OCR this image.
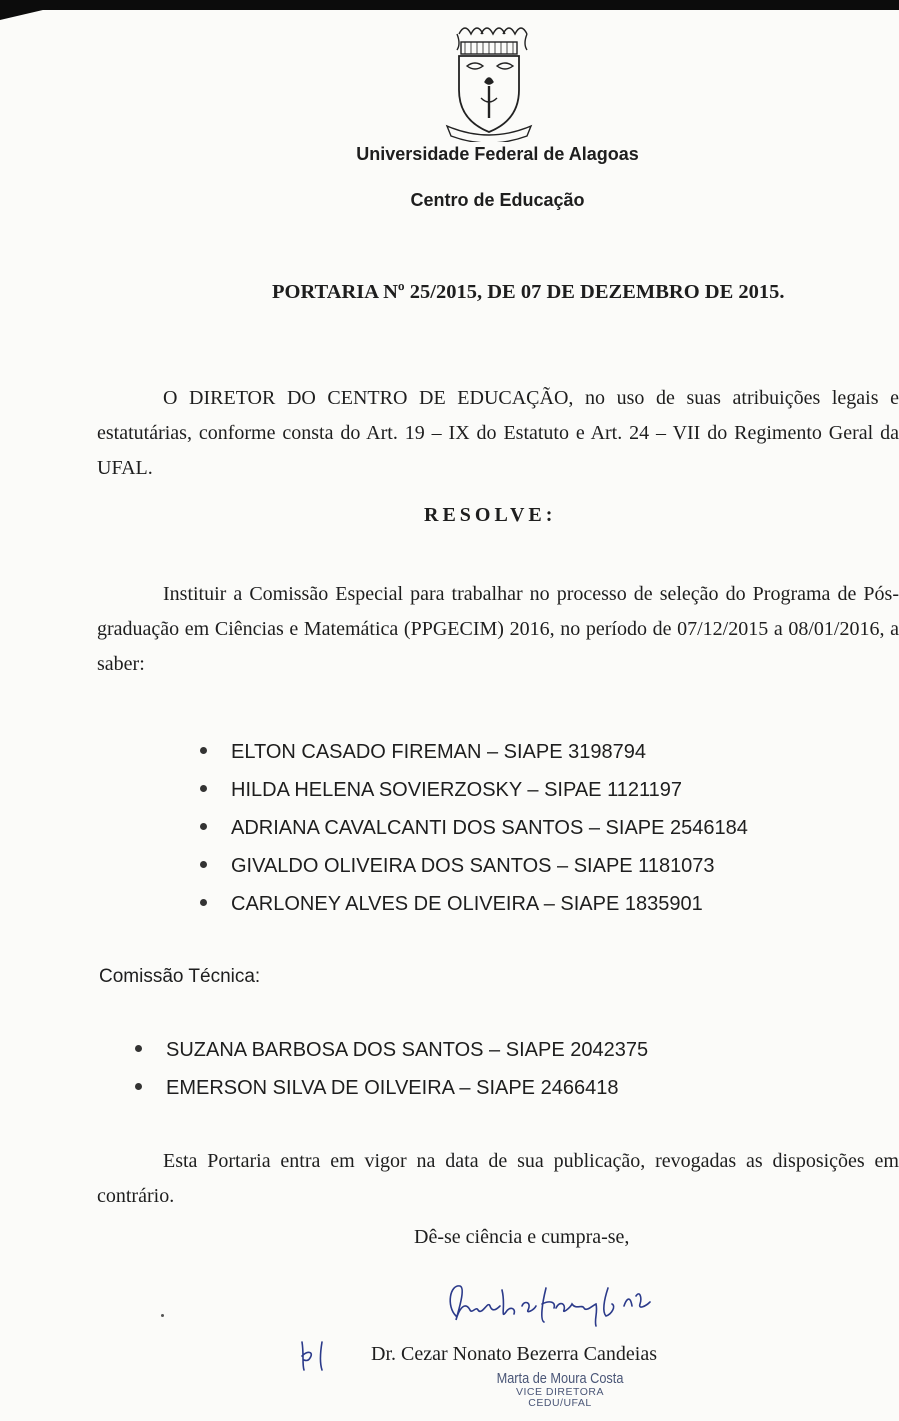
Universidade Federal de Alagoas
Centro de Educação
PORTARIA Nº 25/2015, DE 07 DE DEZEMBRO DE 2015.
O DIRETOR DO CENTRO DE EDUCAÇÃO, no uso de suas atribuições legais e estatutárias, conforme consta do Art. 19 – IX do Estatuto e Art. 24 – VII do Regimento Geral da UFAL.
RESOLVE:
Instituir a Comissão Especial para trabalhar no processo de seleção do Programa de Pós-graduação em Ciências e Matemática (PPGECIM) 2016, no período de 07/12/2015 a 08/01/2016, a saber:
ELTON CASADO FIREMAN – SIAPE 3198794
HILDA HELENA SOVIERZOSKY – SIPAE 1121197
ADRIANA CAVALCANTI DOS SANTOS – SIAPE 2546184
GIVALDO OLIVEIRA DOS SANTOS – SIAPE 1181073
CARLONEY ALVES DE OLIVEIRA – SIAPE 1835901
Comissão Técnica:
SUZANA BARBOSA DOS SANTOS – SIAPE 2042375
EMERSON SILVA DE OILVEIRA – SIAPE 2466418
Esta Portaria entra em vigor na data de sua publicação, revogadas as disposições em contrário.
Dê-se ciência e cumpra-se,
Dr. Cezar Nonato Bezerra Candeias
Marta de Moura Costa
VICE DIRETORA
CEDU/UFAL
